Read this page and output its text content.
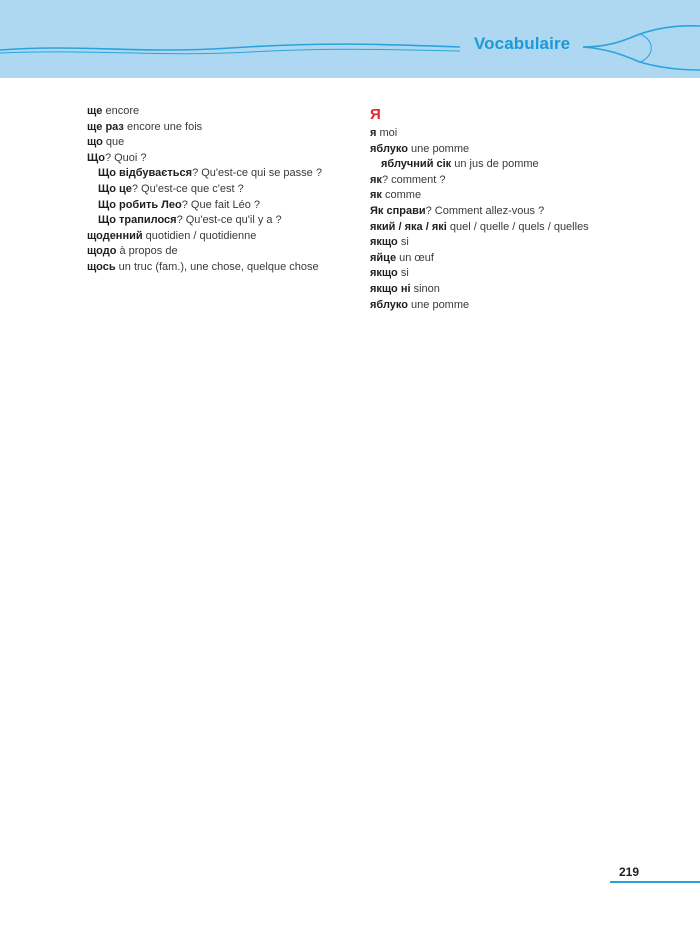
Vocabulaire
ще encore
ще раз encore une fois
що que
Що? Quoi ?
Що відбувається? Qu'est-ce qui se passe ?
Що це? Qu'est-ce que c'est ?
Що робить Лео? Que fait Léo ?
Що трапилося? Qu'est-ce qu'il y a ?
щоденний quotidien / quotidienne
щодо à propos de
щось un truc (fam.), une chose, quelque chose
Я
я moi
яблуко une pomme
яблучний сік un jus de pomme
як? comment ?
як comme
Як справи? Comment allez-vous ?
який / яка / які quel / quelle / quels / quelles
якщо si
яйце un œuf
якщо si
якщо ні sinon
яблуко une pomme
219
